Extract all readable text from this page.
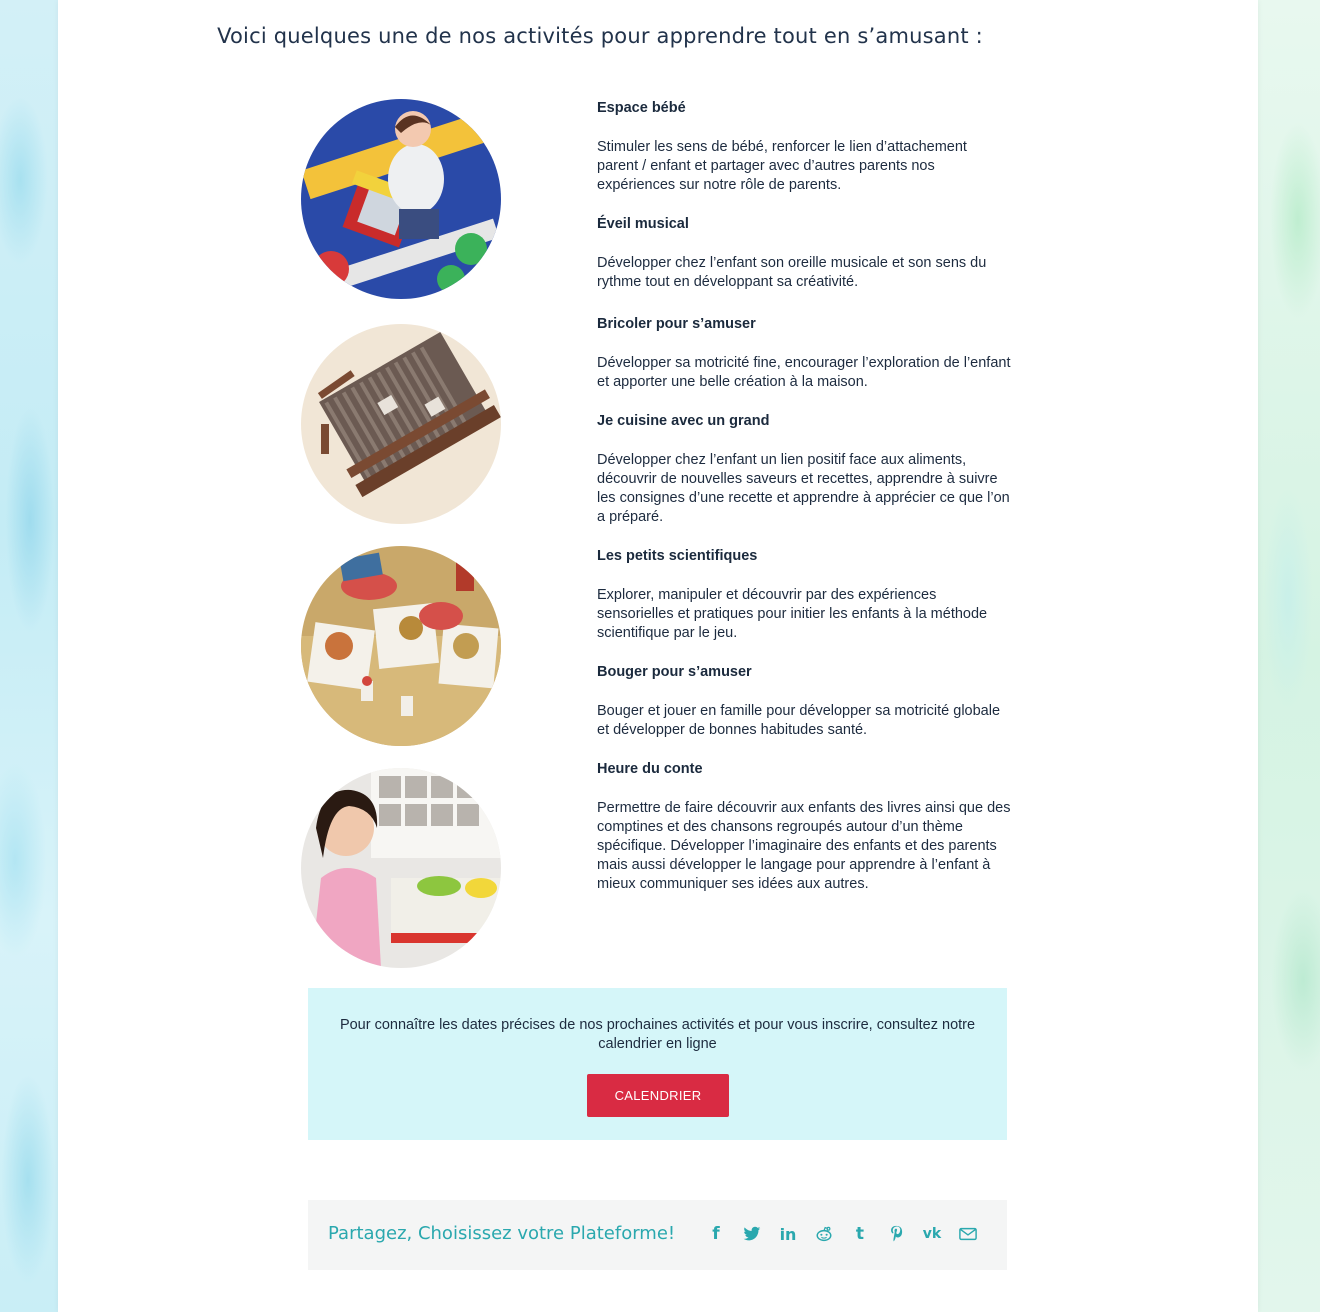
Voici quelques une de nos activités pour apprendre tout en s’amusant :

Espace bébé

Stimuler les sens de bébé, renforcer le lien d’attachement parent / enfant et partager avec d’autres parents nos expériences sur notre rôle de parents.

Éveil musical

Développer chez l’enfant son oreille musicale et son sens du rythme tout en développant sa créativité.

Bricoler pour s’amuser

Développer sa motricité fine, encourager l’exploration de l’enfant et apporter une belle création à la maison.

Je cuisine avec un grand

Développer chez l’enfant un lien positif face aux aliments, découvrir de nouvelles saveurs et recettes, apprendre à suivre les consignes d’une recette et apprendre à apprécier ce que l’on a préparé.

Les petits scientifiques

Explorer, manipuler et découvrir par des expériences sensorielles et pratiques pour initier les enfants à la méthode scientifique par le jeu.

Bouger pour s’amuser

Bouger et jouer en famille pour développer sa motricité globale et développer de bonnes habitudes santé.

Heure du conte

Permettre de faire découvrir aux enfants des livres ainsi que des comptines et des chansons regroupés autour d’un thème spécifique. Développer l’imaginaire des enfants et des parents mais aussi développer le langage pour apprendre à l’enfant à mieux communiquer ses idées aux autres.

Pour connaître les dates précises de nos prochaines activités et pour vous inscrire, consultez notre calendrier en ligne
CALENDRIER
Partagez, Choisissez votre Plateforme!	f	in	t	vk
